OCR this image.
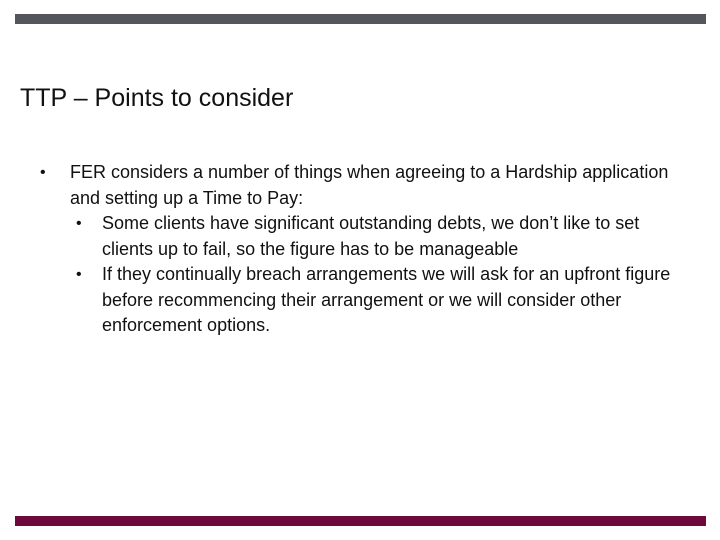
TTP – Points to consider

• FER considers a number of things when agreeing to a Hardship application and setting up a Time to Pay:

• Some clients have significant outstanding debts, we don’t like to set clients up to fail, so the figure has to be manageable

• If they continually breach arrangements we will ask for an upfront figure before recommencing their arrangement or we will consider other enforcement options.
